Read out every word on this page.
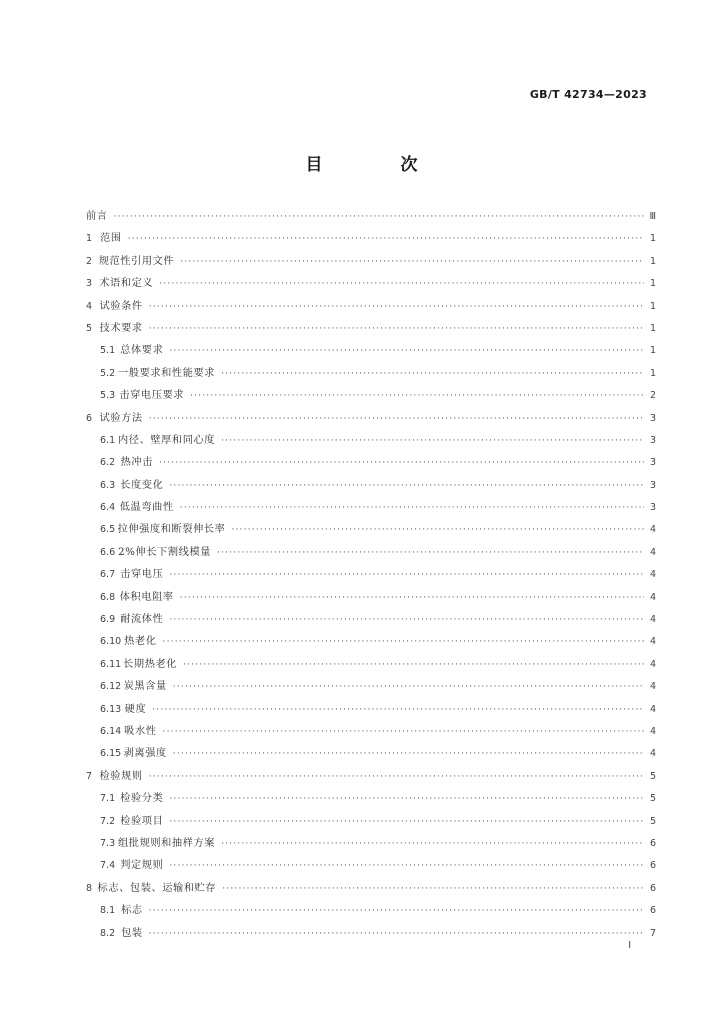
GB/T 42734—2023
目 次
前言 ·····	Ⅲ
1 范围 ·····	1
2 规范性引用文件 ·····	1
3 术语和定义 ·····	1
4 试验条件 ·····	1
5 技术要求 ·····	1
5.1 总体要求 ·····	1
5.2 一般要求和性能要求 ·····	1
5.3 击穿电压要求 ·····	2
6 试验方法 ·····	3
6.1 内径、壁厚和同心度 ·····	3
6.2 热冲击 ·····	3
6.3 长度变化 ·····	3
6.4 低温弯曲性 ·····	3
6.5 拉伸强度和断裂伸长率 ·····	4
6.6 2%伸长下割线模量 ·····	4
6.7 击穿电压 ·····	4
6.8 体积电阻率 ·····	4
6.9 耐流体性 ·····	4
6.10 热老化 ·····	4
6.11 长期热老化 ·····	4
6.12 炭黑含量 ·····	4
6.13 硬度 ·····	4
6.14 吸水性 ·····	4
6.15 剥离强度 ·····	4
7 检验规则 ·····	5
7.1 检验分类 ·····	5
7.2 检验项目 ·····	5
7.3 组批规则和抽样方案 ·····	6
7.4 判定规则 ·····	6
8 标志、包装、运输和贮存 ·····	6
8.1 标志 ·····	6
8.2 包装 ·····	7
I
